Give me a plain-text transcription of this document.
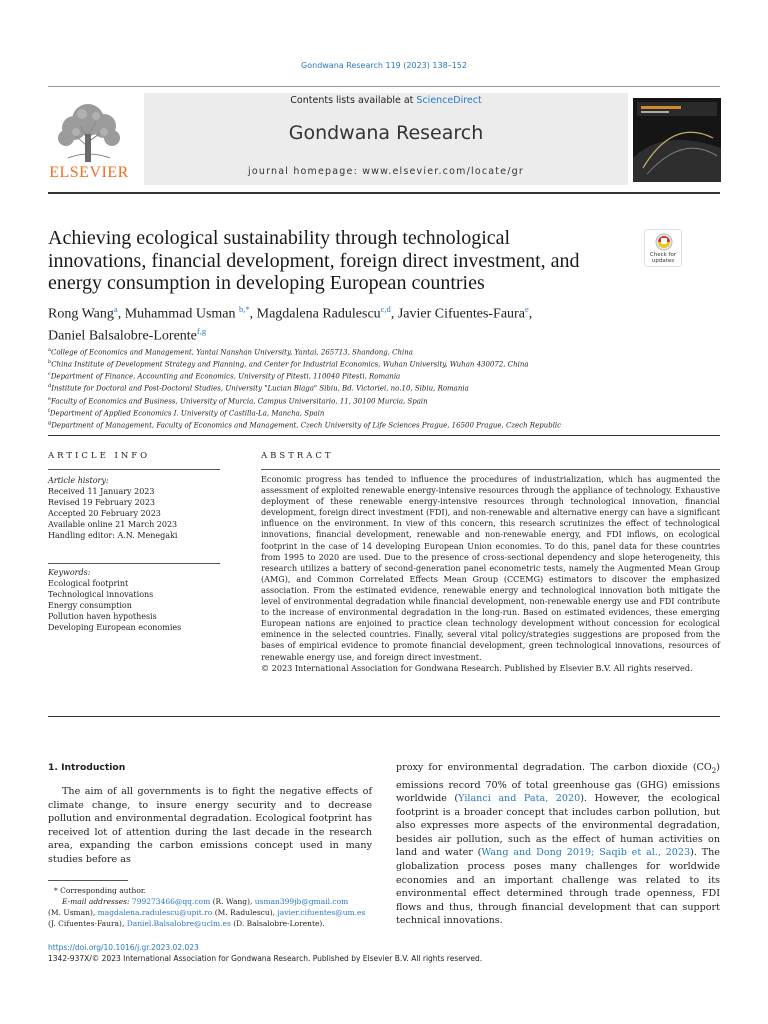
Gondwana Research 119 (2023) 138–152
ELSEVIER
Contents lists available at ScienceDirect
Gondwana Research
journal homepage: www.elsevier.com/locate/gr
Achieving ecological sustainability through technological innovations, financial development, foreign direct investment, and energy consumption in developing European countries
Check for updates
Rong Wang$^a$, Muhammad Usman $^{b,*}$, Magdalena Radulescu$^{c,d}$, Javier Cifuentes-Faura$^e$,
Daniel Balsalobre-Lorente$^{f,g}$
$^a$College of Economics and Management, Yantai Nanshan University, Yantai, 265713, Shandong, China
$^b$China Institute of Development Strategy and Planning, and Center for Industrial Economics, Wuhan University, Wuhan 430072, China
$^c$Department of Finance, Accounting and Economics, University of Pitesti, 110040 Pitesti, Romania
$^d$Institute for Doctoral and Post-Doctoral Studies, University "Lucian Blaga" Sibiu, Bd. Victoriei, no.10, Sibiu, Romania
$^e$Faculty of Economics and Business, University of Murcia, Campus Universitario, 11, 30100 Murcia, Spain
$^f$Department of Applied Economics I. University of Castilla-La, Mancha, Spain
$^g$Department of Management, Faculty of Economics and Management, Czech University of Life Sciences Prague, 16500 Prague, Czech Republic
ARTICLE INFO
Article history:
Received 11 January 2023
Revised 19 February 2023
Accepted 20 February 2023
Available online 21 March 2023
Handling editor: A.N. Menegaki
Keywords:
Ecological footprint
Technological innovations
Energy consumption
Pollution haven hypothesis
Developing European economies
ABSTRACT
Economic progress has tended to influence the procedures of industrialization, which has augmented the assessment of exploited renewable energy-intensive resources through the appliance of technology. Exhaustive deployment of these renewable energy-intensive resources through technological innovation, financial development, foreign direct investment (FDI), and non-renewable and alternative energy can have a significant influence on the environment. In view of this concern, this research scrutinizes the effect of technological innovations, financial development, renewable and non-renewable energy, and FDI inflows, on ecological footprint in the case of 14 developing European Union economies. To do this, panel data for these countries from 1995 to 2020 are used. Due to the presence of cross-sectional dependency and slope heterogeneity, this research utilizes a battery of second-generation panel econometric tests, namely the Augmented Mean Group (AMG), and Common Correlated Effects Mean Group (CCEMG) estimators to discover the emphasized association. From the estimated evidence, renewable energy and technological innovation both mitigate the level of environmental degradation while financial development, non-renewable energy use and FDI contribute to the increase of environmental degradation in the long-run. Based on estimated evidences, these emerging European nations are enjoined to practice clean technology development without concession for ecological eminence in the selected countries. Finally, several vital policy/strategies suggestions are proposed from the bases of empirical evidence to promote financial development, green technological innovations, resources of renewable energy use, and foreign direct investment.
© 2023 International Association for Gondwana Research. Published by Elsevier B.V. All rights reserved.
1. Introduction
The aim of all governments is to fight the negative effects of climate change, to insure energy security and to decrease pollution and environmental degradation. Ecological footprint has received lot of attention during the last decade in the research area, expanding the carbon emissions concept used in many studies before as
proxy for environmental degradation. The carbon dioxide $(CO_2)$ emissions record 70% of total greenhouse gas (GHG) emissions worldwide (Yilanci and Pata, 2020). However, the ecological footprint is a broader concept that includes carbon pollution, but also expresses more aspects of the environmental degradation, besides air pollution, such as the effect of human activities on land and water (Wang and Dong 2019; Saqib et al., 2023). The globalization process poses many challenges for worldwide economies and an important challenge was related to its environmental effect determined through trade openness, FDI flows and thus, through financial development that can support technical innovations.
* Corresponding author.
E-mail addresses: 799273466@qq.com (R. Wang), usman399jb@gmail.com
(M. Usman), magdalena.radulescu@upit.ro (M. Radulescu), javier.cifuentes@um.es
(J. Cifuentes-Faura), Daniel.Balsalobre@uclm.es (D. Balsalobre-Lorente).
https://doi.org/10.1016/j.gr.2023.02.023
1342-937X/© 2023 International Association for Gondwana Research. Published by Elsevier B.V. All rights reserved.
